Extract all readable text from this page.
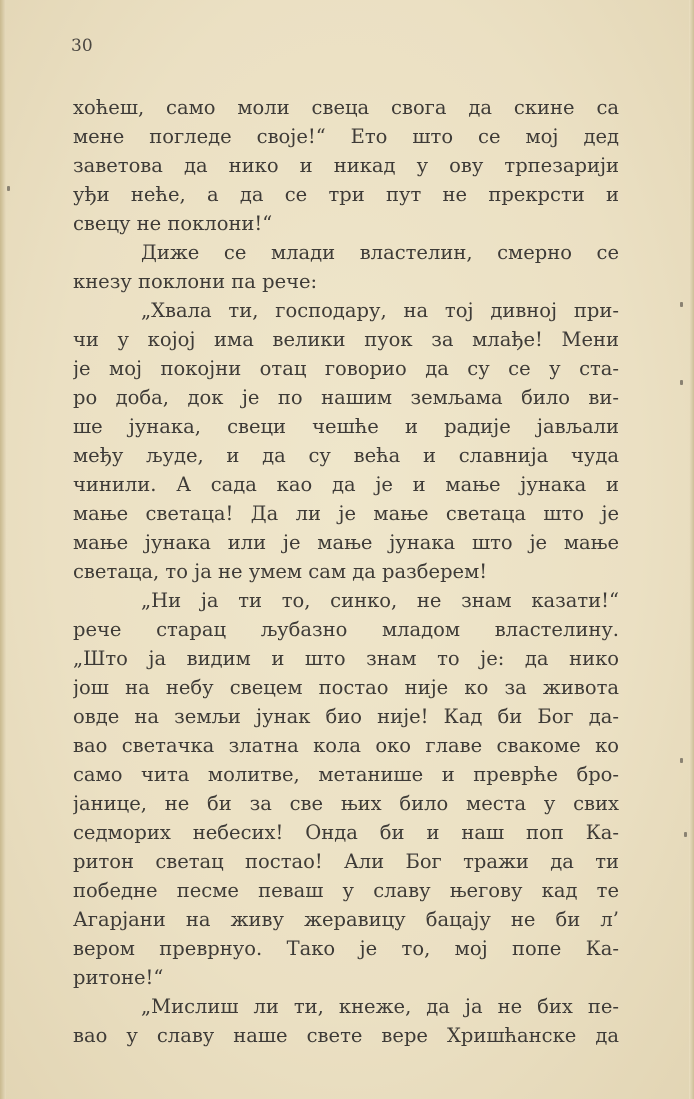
30
хоћеш, само моли свеца свога да скине са
мене погледе своје!“ Ето што се мој дед
заветова да нико и никад у ову трпезарији
уђи неће, а да се три пут не прекрсти и
свецу не поклони!“
Диже се млади властелин, смерно се
кнезу поклони па рече:
„Хвала ти, господару, на тој дивној при-
чи у којој има велики пуок за млађе! Мени
је мој покојни отац говорио да су се у ста-
ро доба, док је по нашим земљама било ви-
ше јунака, свеци чешће и радије јављали
међу људе, и да су већа и славнија чуда
чинили. А сада као да је и мање јунака и
мање светаца! Да ли је мање светаца што је
мање јунака или је мање јунака што је мање
светаца, то ја не умем сам да разберем!
„Ни ја ти то, синко, не знам казати!“
рече старац љубазно младом властелину.
„Што ја видим и што знам то је: да нико
још на небу свецем постао није ко за живота
овде на земљи јунак био није! Кад би Бог да-
вао светачка златна кола око главе свакоме ко
само чита молитве, метанише и преврће бро-
јанице, не би за све њих било места у свих
седморих небесих! Онда би и наш поп Ка-
ритон светац постао! Али Бог тражи да ти
победне песме певаш у славу његову кад те
Агарјани на живу жеравицу бацају не би л’
вером преврнуо. Тако је то, мој попе Ка-
ритоне!“
„Мислиш ли ти, кнеже, да ја не бих пе-
вао у славу наше свете вере Хришћанске да
